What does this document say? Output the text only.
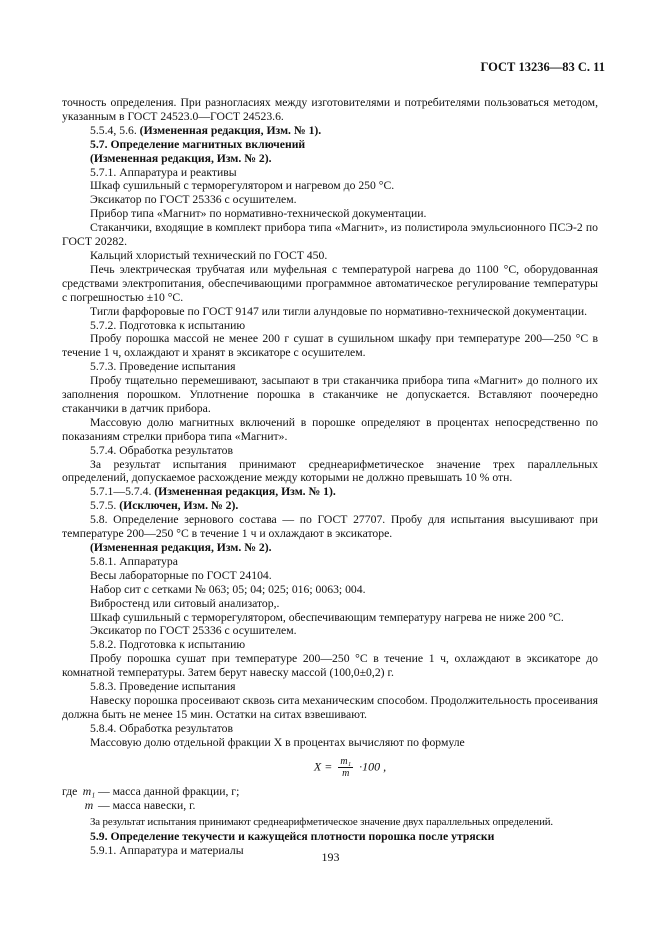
ГОСТ 13236—83 С. 11

точность определения. При разногласиях между изготовителями и потребителями пользоваться методом, указанным в ГОСТ 24523.0—ГОСТ 24523.6.

5.5.4, 5.6. (Измененная редакция, Изм. № 1).

5.7. Определение магнитных включений

(Измененная редакция, Изм. № 2).

5.7.1. Аппаратура и реактивы

Шкаф сушильный с терморегулятором и нагревом до 250 °С.

Эксикатор по ГОСТ 25336 с осушителем.

Прибор типа «Магнит» по нормативно-технической документации.

Стаканчики, входящие в комплект прибора типа «Магнит», из полистирола эмульсионного ПСЭ-2 по ГОСТ 20282.

Кальций хлористый технический по ГОСТ 450.

Печь электрическая трубчатая или муфельная с температурой нагрева до 1100 °С, оборудованная средствами электропитания, обеспечивающими программное автоматическое регулирование температуры с погрешностью ±10 °С.

Тигли фарфоровые по ГОСТ 9147 или тигли алундовые по нормативно-технической документации.

5.7.2. Подготовка к испытанию

Пробу порошка массой не менее 200 г сушат в сушильном шкафу при температуре 200—250 °С в течение 1 ч, охлаждают и хранят в эксикаторе с осушителем.

5.7.3. Проведение испытания

Пробу тщательно перемешивают, засыпают в три стаканчика прибора типа «Магнит» до полного их заполнения порошком. Уплотнение порошка в стаканчике не допускается. Вставляют поочередно стаканчики в датчик прибора.

Массовую долю магнитных включений в порошке определяют в процентах непосредственно по показаниям стрелки прибора типа «Магнит».

5.7.4. Обработка результатов

За результат испытания принимают среднеарифметическое значение трех параллельных определений, допускаемое расхождение между которыми не должно превышать 10 % отн.

5.7.1—5.7.4. (Измененная редакция, Изм. № 1).

5.7.5. (Исключен, Изм. № 2).

5.8. Определение зернового состава — по ГОСТ 27707. Пробу для испытания высушивают при температуре 200—250 °С в течение 1 ч и охлаждают в эксикаторе.

(Измененная редакция, Изм. № 2).

5.8.1. Аппаратура

Весы лабораторные по ГОСТ 24104.

Набор сит с сетками № 063; 05; 04; 025; 016; 0063; 004.

Вибростенд или ситовый анализатор,.

Шкаф сушильный с терморегулятором, обеспечивающим температуру нагрева не ниже 200 °С.

Эксикатор по ГОСТ 25336 с осушителем.

5.8.2. Подготовка к испытанию

Пробу порошка сушат при температуре 200—250 °С в течение 1 ч, охлаждают в эксикаторе до комнатной температуры. Затем берут навеску массой (100,0±0,2) г.

5.8.3. Проведение испытания

Навеску порошка просеивают сквозь сита механическим способом. Продолжительность просеивания должна быть не менее 15 мин. Остатки на ситах взвешивают.

5.8.4. Обработка результатов

Массовую долю отдельной фракции X в процентах вычисляют по формуле

$X = \frac{\text{m₁}}{m} \cdot 100$ ,
где	m₁	— масса данной фракции, г;
	m	— масса навески, г.

За результат испытания принимают среднеарифметическое значение двух параллельных определений.

5.9. Определение текучести и кажущейся плотности порошка после утряски

5.9.1. Аппаратура и материалы	193
